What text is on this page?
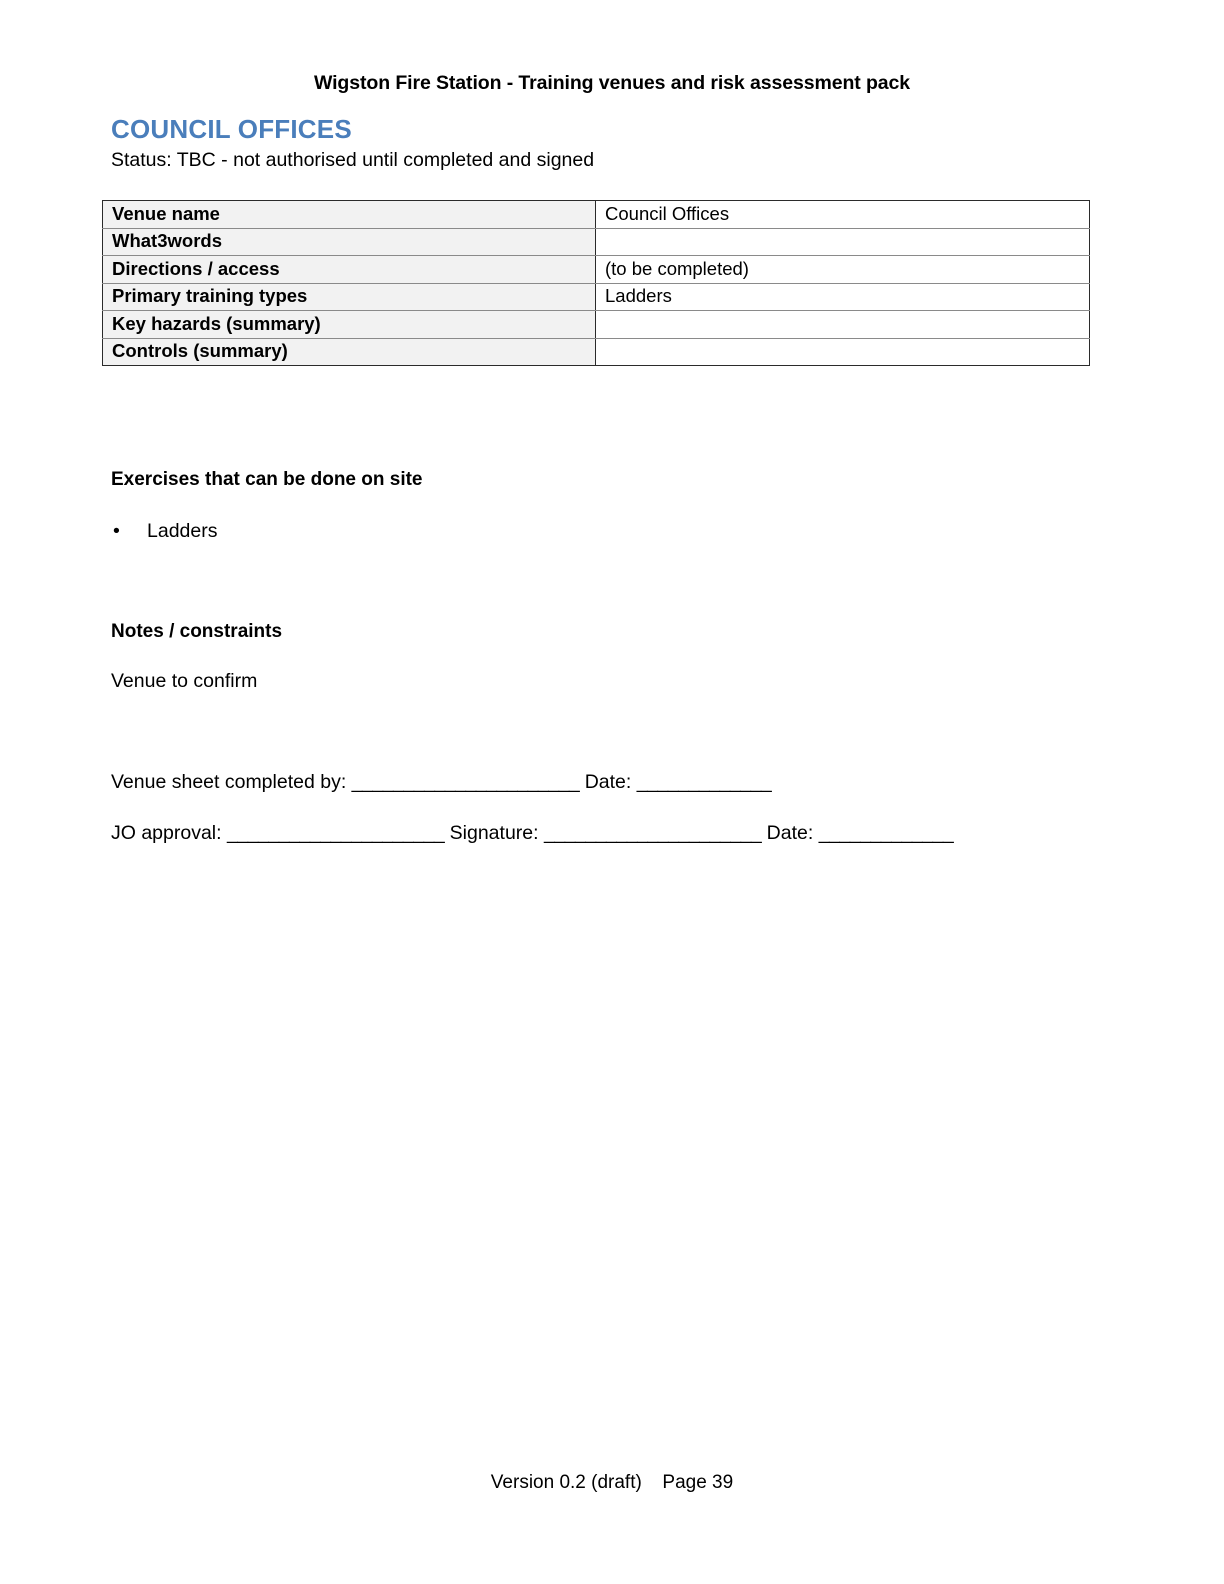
Wigston Fire Station - Training venues and risk assessment pack
COUNCIL OFFICES
Status: TBC - not authorised until completed and signed
Venue name	Council Offices
What3words	
Directions / access	(to be completed)
Primary training types	Ladders
Key hazards (summary)	
Controls (summary)	
Exercises that can be done on site
• Ladders
Notes / constraints
Venue to confirm
Venue sheet completed by: ______________________ Date: _____________
JO approval: _____________________ Signature: _____________________ Date: _____________
Version 0.2 (draft) Page 39
